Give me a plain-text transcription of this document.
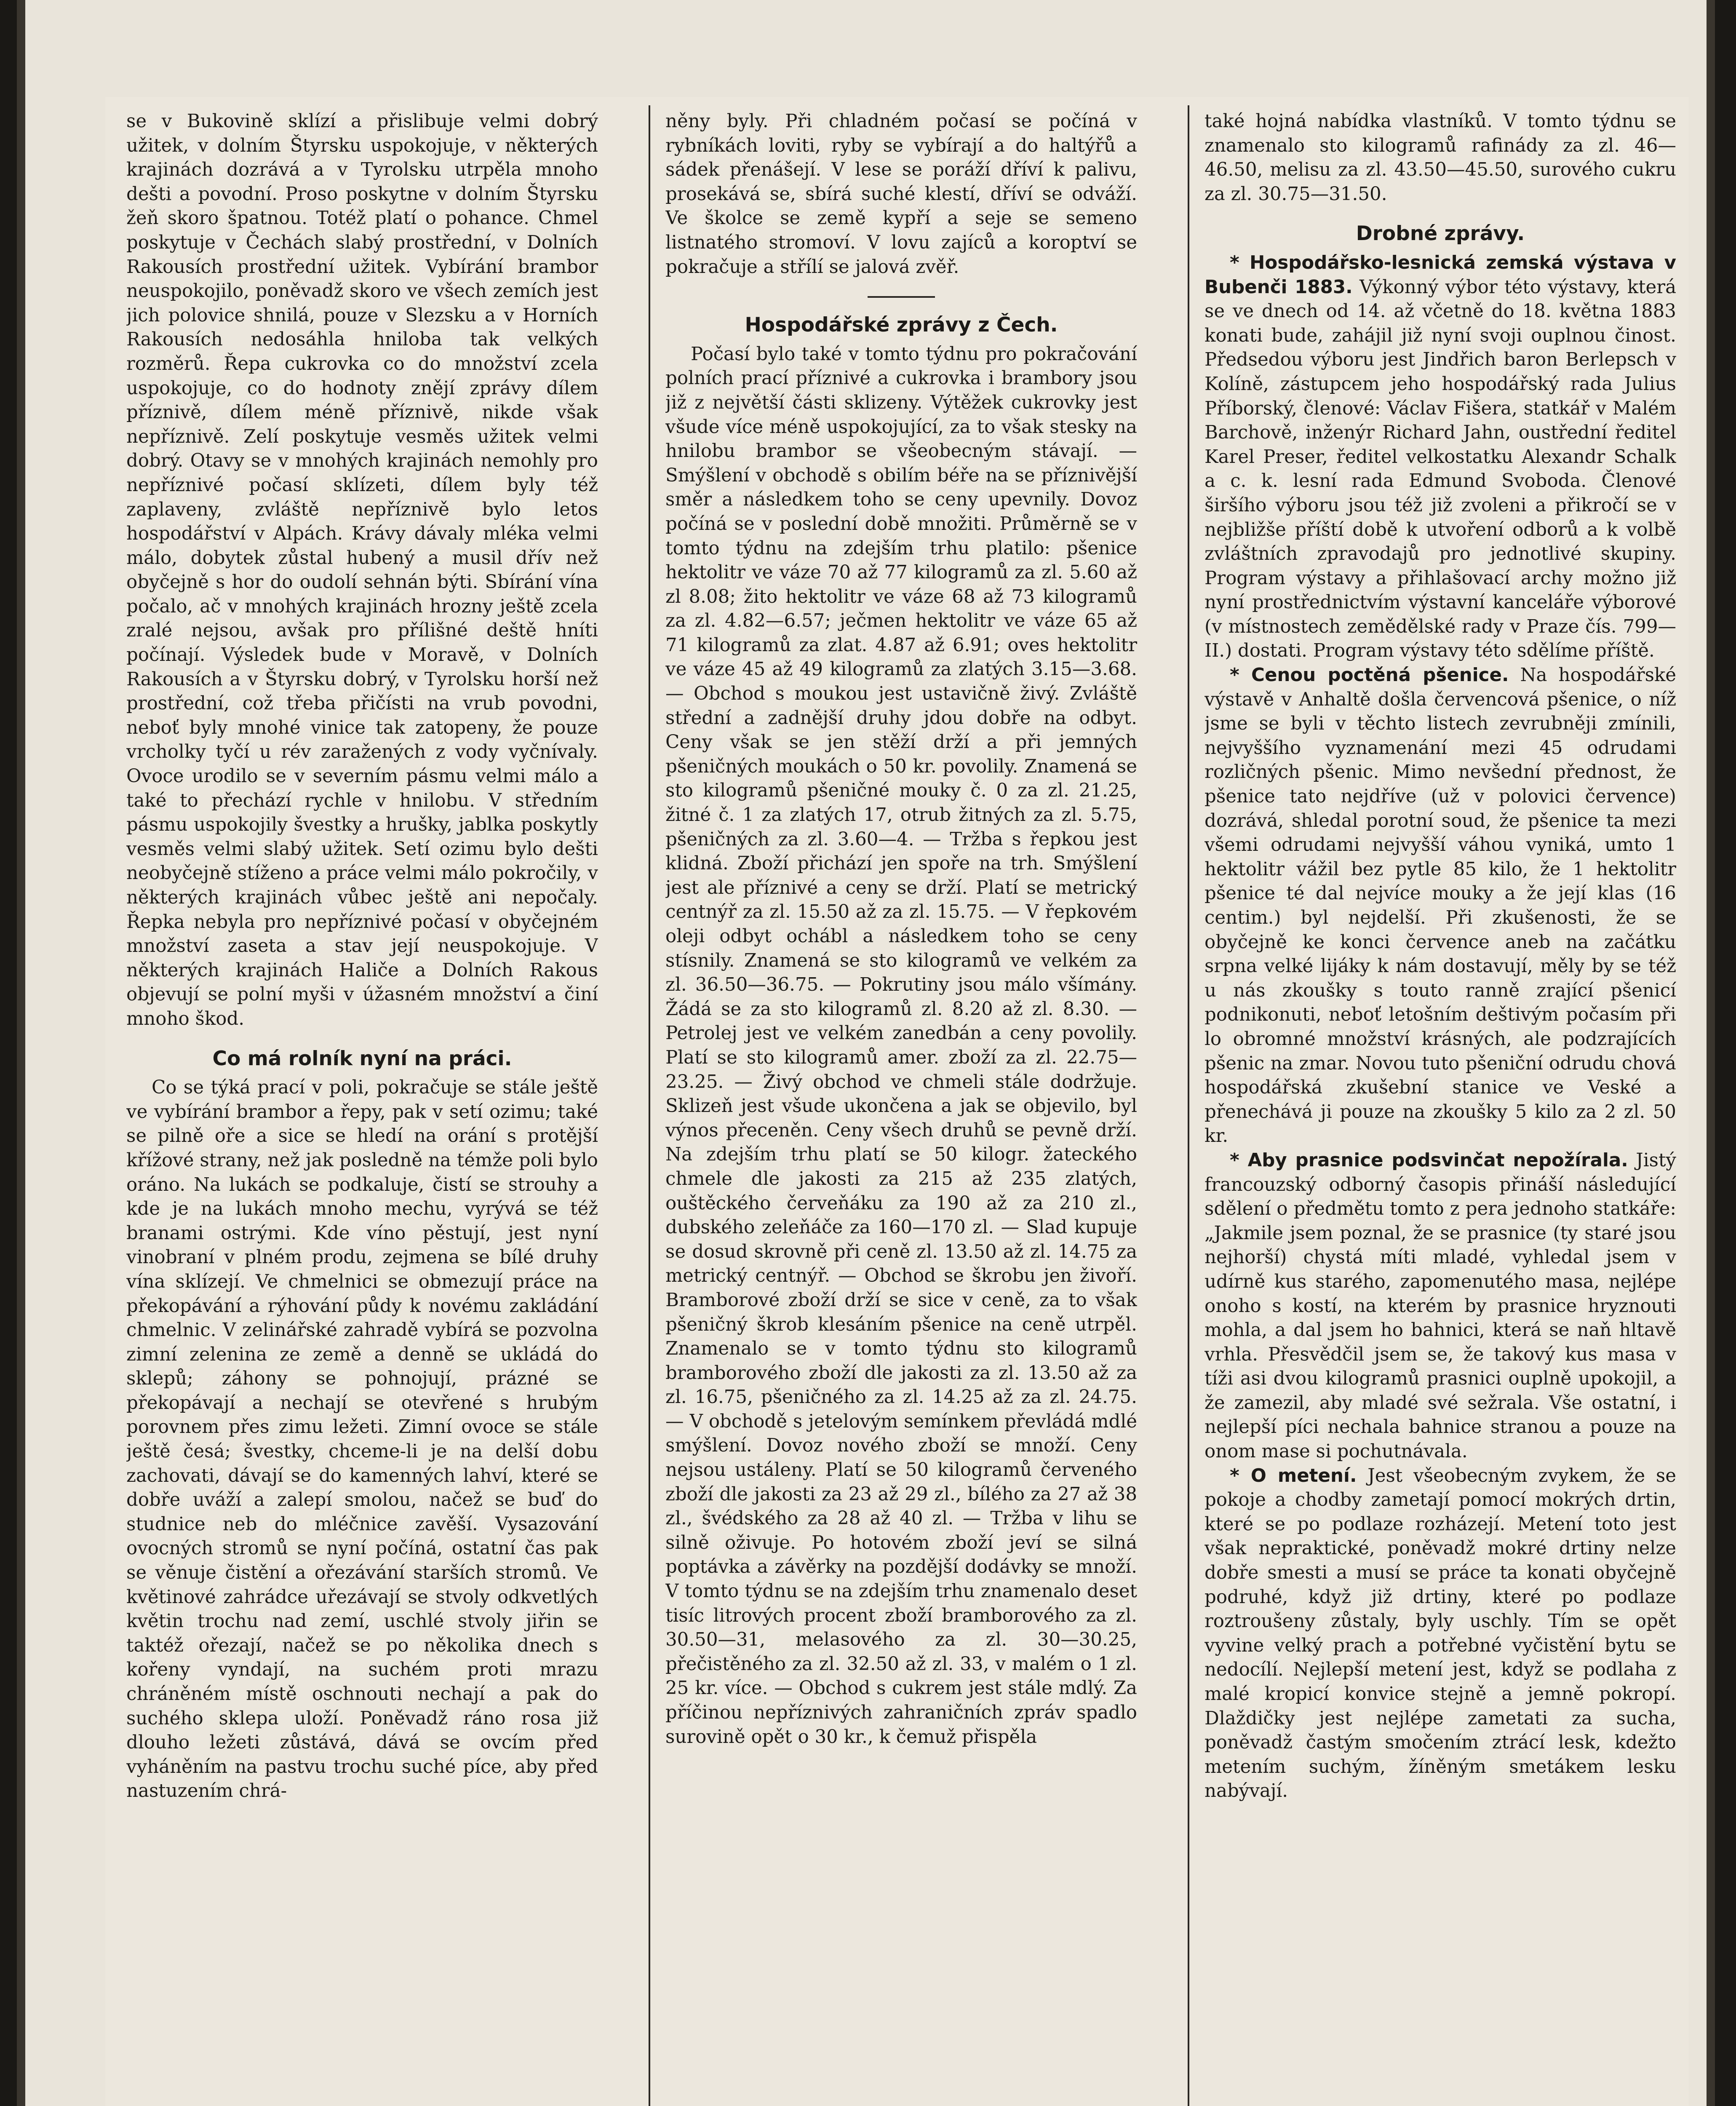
se v Bukovině sklízí a přislibuje velmi dobrý užitek, v dolním Štyrsku uspokojuje, v některých krajinách dozrává a v Tyrolsku utrpěla mnoho dešti a povodní. Proso poskytne v dolním Štyrsku žeň skoro špatnou. Totéž platí o pohance. Chmel poskytuje v Čechách slabý prostřední, v Dolních Rakousích prostřední užitek. Vybírání brambor neuspokojilo, poněvadž skoro ve všech zemích jest jich polovice shnilá, pouze v Slezsku a v Horních Rakousích nedosáhla hniloba tak velkých rozměrů. Řepa cukrovka co do množství zcela uspokojuje, co do hodnoty znějí zprávy dílem příznivě, dílem méně příznivě, nikde však nepříznivě. Zelí poskytuje vesměs užitek velmi dobrý. Otavy se v mnohých krajinách nemohly pro nepříznivé počasí sklízeti, dílem byly též zaplaveny, zvláště nepříznivě bylo letos hospodářství v Alpách. Krávy dávaly mléka velmi málo, dobytek zůstal hubený a musil dřív než obyčejně s hor do oudolí sehnán býti. Sbírání vína počalo, ač v mnohých krajinách hrozny ještě zcela zralé nejsou, avšak pro přílišné deště hníti počínají. Výsledek bude v Moravě, v Dolních Rakousích a v Štyrsku dobrý, v Tyrolsku horší než prostřední, což třeba přičísti na vrub povodni, neboť byly mnohé vinice tak zatopeny, že pouze vrcholky tyčí u rév zaražených z vody vyčnívaly. Ovoce urodilo se v severním pásmu velmi málo a také to přechází rychle v hnilobu. V středním pásmu uspokojily švestky a hrušky, jablka poskytly vesměs velmi slabý užitek. Setí ozimu bylo dešti neobyčejně stíženo a práce velmi málo pokročily, v některých krajinách vůbec ještě ani nepočaly. Řepka nebyla pro nepříznivé počasí v obyčejném množství zaseta a stav její neuspokojuje. V některých krajinách Haliče a Dolních Rakous objevují se polní myši v úžasném množství a činí mnoho škod.

Co má rolník nyní na práci.

Co se týká prací v poli, pokračuje se stále ještě ve vybírání brambor a řepy, pak v setí ozimu; také se pilně oře a sice se hledí na orání s protější křížové strany, než jak posledně na témže poli bylo oráno. Na lukách se podkaluje, čistí se strouhy a kde je na lukách mnoho mechu, vyrývá se též branami ostrými. Kde víno pěstují, jest nyní vinobraní v plném produ, zejmena se bílé druhy vína sklízejí. Ve chmelnici se obmezují práce na překopávání a rýhování půdy k novému zakládání chmelnic. V zelinářské zahradě vybírá se pozvolna zimní zelenina ze země a denně se ukládá do sklepů; záhony se pohnojují, prázné se překopávají a nechají se otevřené s hrubým porovnem přes zimu ležeti. Zimní ovoce se stále ještě česá; švestky, chceme-li je na delší dobu zachovati, dávají se do kamenných lahví, které se dobře uváží a zalepí smolou, načež se buď do studnice neb do mléčnice zavěší. Vysazování ovocných stromů se nyní počíná, ostatní čas pak se věnuje čistění a ořezávání starších stromů. Ve květinové zahrádce uřezávají se stvoly odkvetlých květin trochu nad zemí, uschlé stvoly jiřin se taktéž ořezají, načež se po několika dnech s kořeny vyndají, na suchém proti mrazu chráněném místě oschnouti nechají a pak do suchého sklepa uloží. Poněvadž ráno rosa již dlouho ležeti zůstává, dává se ovcím před vyháněním na pastvu trochu suché píce, aby před nastuzením chrá-

něny byly. Při chladném počasí se počíná v rybníkách loviti, ryby se vybírají a do haltýřů a sádek přenášejí. V lese se poráží dříví k palivu, prosekává se, sbírá suché klestí, dříví se odváží. Ve školce se země kypří a seje se semeno listnatého stromoví. V lovu zajíců a koroptví se pokračuje a střílí se jalová zvěř.

Hospodářské zprávy z Čech.

Počasí bylo také v tomto týdnu pro pokračování polních prací příznivé a cukrovka i brambory jsou již z největší části sklizeny. Výtěžek cukrovky jest všude více méně uspokojující, za to však stesky na hnilobu brambor se všeobecným stávají. — Smýšlení v obchodě s obilím béře na se příznivější směr a následkem toho se ceny upevnily. Dovoz počíná se v poslední době množiti. Průměrně se v tomto týdnu na zdejším trhu platilo: pšenice hektolitr ve váze 70 až 77 kilogramů za zl. 5.60 až zl 8.08; žito hektolitr ve váze 68 až 73 kilogramů za zl. 4.82—6.57; ječmen hektolitr ve váze 65 až 71 kilogramů za zlat. 4.87 až 6.91; oves hektolitr ve váze 45 až 49 kilogramů za zlatých 3.15—3.68. — Obchod s moukou jest ustavičně živý. Zvláště střední a zadnější druhy jdou dobře na odbyt. Ceny však se jen stěží drží a při jemných pšeničných moukách o 50 kr. povolily. Znamená se sto kilogramů pšeničné mouky č. 0 za zl. 21.25, žitné č. 1 za zlatých 17, otrub žitných za zl. 5.75, pšeničných za zl. 3.60—4. — Tržba s řepkou jest klidná. Zboží přichází jen spoře na trh. Smýšlení jest ale příznivé a ceny se drží. Platí se metrický centnýř za zl. 15.50 až za zl. 15.75. — V řepkovém oleji odbyt ochábl a následkem toho se ceny stísnily. Znamená se sto kilogramů ve velkém za zl. 36.50—36.75. — Pokrutiny jsou málo všímány. Žádá se za sto kilogramů zl. 8.20 až zl. 8.30. — Petrolej jest ve velkém zanedbán a ceny povolily. Platí se sto kilogramů amer. zboží za zl. 22.75—23.25. — Živý obchod ve chmeli stále dodržuje. Sklizeň jest všude ukončena a jak se objevilo, byl výnos přeceněn. Ceny všech druhů se pevně drží. Na zdejším trhu platí se 50 kilogr. žateckého chmele dle jakosti za 215 až 235 zlatých, ouštěckého červeňáku za 190 až za 210 zl., dubského zeleňáče za 160—170 zl. — Slad kupuje se dosud skrovně při ceně zl. 13.50 až zl. 14.75 za metrický centnýř. — Obchod se škrobu jen živoří. Bramborové zboží drží se sice v ceně, za to však pšeničný škrob klesáním pšenice na ceně utrpěl. Znamenalo se v tomto týdnu sto kilogramů bramborového zboží dle jakosti za zl. 13.50 až za zl. 16.75, pšeničného za zl. 14.25 až za zl. 24.75. — V obchodě s jetelovým semínkem převládá mdlé smýšlení. Dovoz nového zboží se množí. Ceny nejsou ustáleny. Platí se 50 kilogramů červeného zboží dle jakosti za 23 až 29 zl., bílého za 27 až 38 zl., švédského za 28 až 40 zl. — Tržba v lihu se silně oživuje. Po hotovém zboží jeví se silná poptávka a závěrky na pozdější dodávky se množí. V tomto týdnu se na zdejším trhu znamenalo deset tisíc litrových procent zboží bramborového za zl. 30.50—31, melasového za zl. 30—30.25, přečistěného za zl. 32.50 až zl. 33, v malém o 1 zl. 25 kr. více. — Obchod s cukrem jest stále mdlý. Za příčinou nepříznivých zahraničních zpráv spadlo surovině opět o 30 kr., k čemuž přispěla

také hojná nabídka vlastníků. V tomto týdnu se znamenalo sto kilogramů rafinády za zl. 46—46.50, melisu za zl. 43.50—45.50, surového cukru za zl. 30.75—31.50.

Drobné zprávy.

* Hospodářsko-lesnická zemská výstava v Bubenči 1883. Výkonný výbor této výstavy, která se ve dnech od 14. až včetně do 18. května 1883 konati bude, zahájil již nyní svoji ouplnou činost. Předsedou výboru jest Jindřich baron Berlepsch v Kolíně, zástupcem jeho hospodářský rada Julius Příborský, členové: Václav Fišera, statkář v Malém Barchově, inženýr Richard Jahn, oustřední ředitel Karel Preser, ředitel velkostatku Alexandr Schalk a c. k. lesní rada Edmund Svoboda. Členové širšího výboru jsou též již zvoleni a přikročí se v nejbližše příští době k utvoření odborů a k volbě zvláštních zpravodajů pro jednotlivé skupiny. Program výstavy a přihlašovací archy možno již nyní prostřednictvím výstavní kanceláře výborové (v místnostech zemědělské rady v Praze čís. 799—II.) dostati. Program výstavy této sdělíme příště.

* Cenou poctěná pšenice. Na hospodářské výstavě v Anhaltě došla červencová pšenice, o níž jsme se byli v těchto listech zevrubněji zmínili, nejvyššího vyznamenání mezi 45 odrudami rozličných pšenic. Mimo nevšední přednost, že pšenice tato nejdříve (už v polovici července) dozrává, shledal porotní soud, že pšenice ta mezi všemi odrudami nejvyšší váhou vyniká, umto 1 hektolitr vážil bez pytle 85 kilo, že 1 hektolitr pšenice té dal nejvíce mouky a že její klas (16 centim.) byl nejdelší. Při zkušenosti, že se obyčejně ke konci července aneb na začátku srpna velké lijáky k nám dostavují, měly by se též u nás zkoušky s touto ranně zrající pšenicí podnikonuti, neboť letošním deštivým počasím při lo obromné množství krásných, ale podzrajících pšenic na zmar. Novou tuto pšeniční odrudu chová hospodářská zkušební stanice ve Veské a přenechává ji pouze na zkoušky 5 kilo za 2 zl. 50 kr.

* Aby prasnice podsvinčat nepožírala. Jistý francouzský odborný časopis přináší následující sdělení o předmětu tomto z pera jednoho statkáře: „Jakmile jsem poznal, že se prasnice (ty staré jsou nejhorší) chystá míti mladé, vyhledal jsem v udírně kus starého, zapomenutého masa, nejlépe onoho s kostí, na kterém by prasnice hryznouti mohla, a dal jsem ho bahnici, která se naň hltavě vrhla. Přesvědčil jsem se, že takový kus masa v tíži asi dvou kilogramů prasnici ouplně upokojil, a že zamezil, aby mladé své sežrala. Vše ostatní, i nejlepší píci nechala bahnice stranou a pouze na onom mase si pochutnávala.

* O metení. Jest všeobecným zvykem, že se pokoje a chodby zametají pomocí mokrých drtin, které se po podlaze rozházejí. Metení toto jest však nepraktické, poněvadž mokré drtiny nelze dobře smesti a musí se práce ta konati obyčejně podruhé, když již drtiny, které po podlaze roztroušeny zůstaly, byly uschly. Tím se opět vyvine velký prach a potřebné vyčistění bytu se nedocílí. Nejlepší metení jest, když se podlaha z malé kropicí konvice stejně a jemně pokropí. Dlaždičky jest nejlépe zametati za sucha, poněvadž častým smočením ztrácí lesk, kdežto metením suchým, žíněným smetákem lesku nabývají.
